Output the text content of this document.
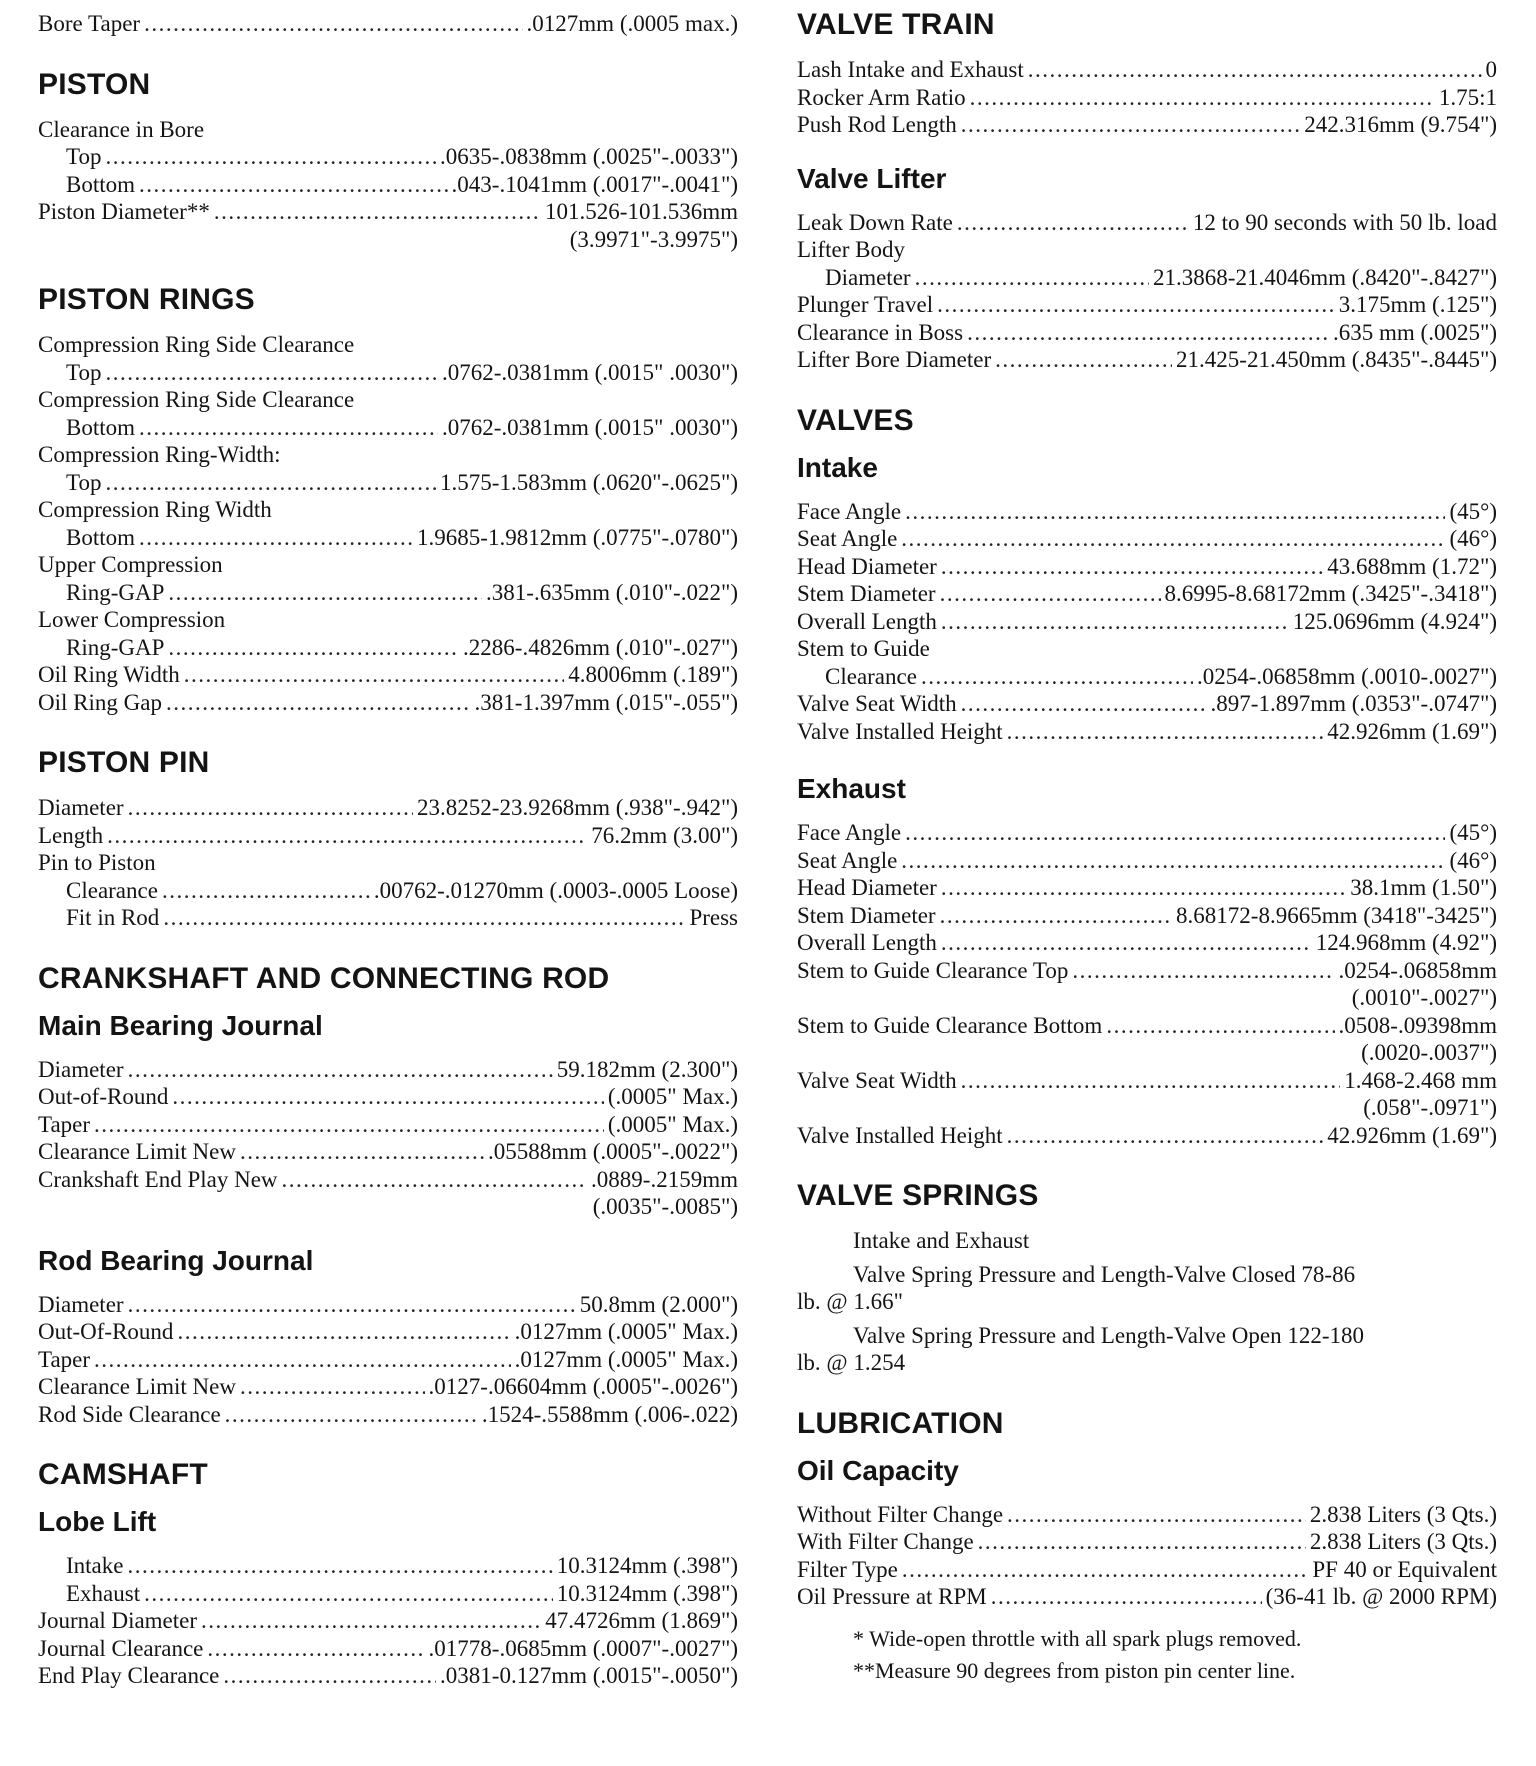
Bore Taper .....	.0127mm (.0005 max.)
PISTON
Clearance in Bore
Top .....	.0635-.0838mm (.0025"-.0033")
Bottom .....	.043-.1041mm (.0017"-.0041")
Piston Diameter** .....	101.526-101.536mm
(3.9971"-3.9975")
PISTON RINGS
Compression Ring Side Clearance
Top .....	.0762-.0381mm (.0015" .0030")
Compression Ring Side Clearance
Bottom .....	.0762-.0381mm (.0015" .0030")
Compression Ring-Width:
Top .....	1.575-1.583mm (.0620"-.0625")
Compression Ring Width
Bottom .....	1.9685-1.9812mm (.0775"-.0780")
Upper Compression
Ring-GAP .....	.381-.635mm (.010"-.022")
Lower Compression
Ring-GAP .....	.2286-.4826mm (.010"-.027")
Oil Ring Width .....	4.8006mm (.189")
Oil Ring Gap .....	.381-1.397mm (.015"-.055")
PISTON PIN
Diameter .....	23.8252-23.9268mm (.938"-.942")
Length .....	76.2mm (3.00")
Pin to Piston
Clearance .....	.00762-.01270mm (.0003-.0005 Loose)
Fit in Rod .....	Press
CRANKSHAFT AND CONNECTING ROD
Main Bearing Journal
Diameter .....	59.182mm (2.300")
Out-of-Round .....	(.0005" Max.)
Taper .....	(.0005" Max.)
Clearance Limit New .....	.05588mm (.0005"-.0022")
Crankshaft End Play New .....	.0889-.2159mm
(.0035"-.0085")
Rod Bearing Journal
Diameter .....	50.8mm (2.000")
Out-Of-Round .....	.0127mm (.0005" Max.)
Taper .....	.0127mm (.0005" Max.)
Clearance Limit New .....	.0127-.06604mm (.0005"-.0026")
Rod Side Clearance .....	.1524-.5588mm (.006-.022)
CAMSHAFT
Lobe Lift
Intake .....	10.3124mm (.398")
Exhaust .....	10.3124mm (.398")
Journal Diameter .....	47.4726mm (1.869")
Journal Clearance .....	.01778-.0685mm (.0007"-.0027")
End Play Clearance .....	.0381-0.127mm (.0015"-.0050")
VALVE TRAIN
Lash Intake and Exhaust .....	0
Rocker Arm Ratio .....	1.75:1
Push Rod Length .....	242.316mm (9.754")
Valve Lifter
Leak Down Rate .....	12 to 90 seconds with 50 lb. load
Lifter Body
Diameter .....	21.3868-21.4046mm (.8420"-.8427")
Plunger Travel .....	3.175mm (.125")
Clearance in Boss .....	.635 mm (.0025")
Lifter Bore Diameter .....	21.425-21.450mm (.8435"-.8445")
VALVES
Intake
Face Angle .....	(45°)
Seat Angle .....	(46°)
Head Diameter .....	43.688mm (1.72")
Stem Diameter .....	8.6995-8.68172mm (.3425"-.3418")
Overall Length .....	125.0696mm (4.924")
Stem to Guide
Clearance .....	.0254-.06858mm (.0010-.0027")
Valve Seat Width .....	.897-1.897mm (.0353"-.0747")
Valve Installed Height .....	42.926mm (1.69")
Exhaust
Face Angle .....	(45°)
Seat Angle .....	(46°)
Head Diameter .....	38.1mm (1.50")
Stem Diameter .....	8.68172-8.9665mm (3418"-3425")
Overall Length .....	124.968mm (4.92")
Stem to Guide Clearance Top .....	.0254-.06858mm
(.0010"-.0027")
Stem to Guide Clearance Bottom .....	.0508-.09398mm
(.0020-.0037")
Valve Seat Width .....	1.468-2.468 mm
(.058"-.0971")
Valve Installed Height .....	42.926mm (1.69")
VALVE SPRINGS
Intake and Exhaust
Valve Spring Pressure and Length-Valve Closed 78-86
lb. @ 1.66"
Valve Spring Pressure and Length-Valve Open 122-180
lb. @ 1.254
LUBRICATION
Oil Capacity
Without Filter Change .....	2.838 Liters (3 Qts.)
With Filter Change .....	2.838 Liters (3 Qts.)
Filter Type .....	PF 40 or Equivalent
Oil Pressure at RPM .....	(36-41 lb. @ 2000 RPM)
* Wide-open throttle with all spark plugs removed.
**Measure 90 degrees from piston pin center line.
